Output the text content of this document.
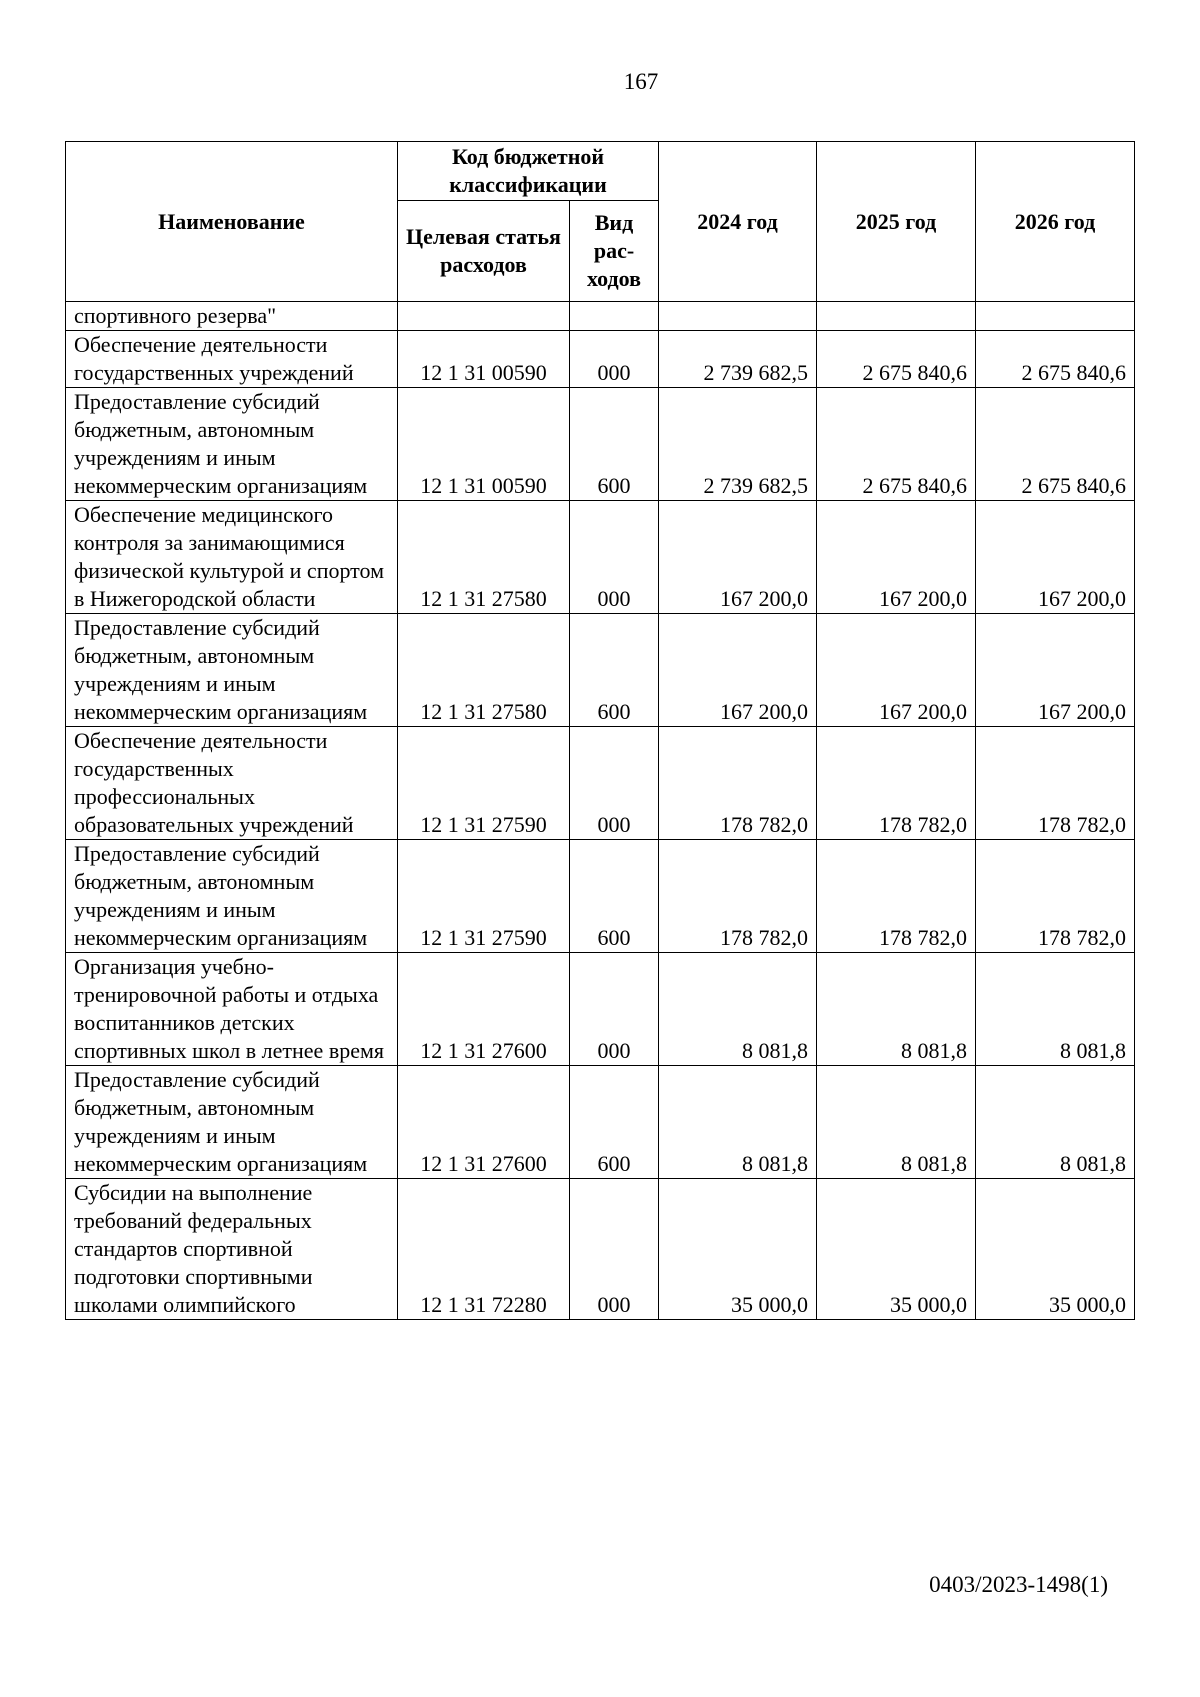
167
Наименование	Код бюджетной классификации		2024 год	2025 год	2026 год
	Целевая статья расходов	Вид рас-ходов			
спортивного резерва"					
Обеспечение деятельности государственных учреждений	12 1 31 00590	000	2 739 682,5	2 675 840,6	2 675 840,6
Предоставление субсидий бюджетным, автономным учреждениям и иным некоммерческим организациям	12 1 31 00590	600	2 739 682,5	2 675 840,6	2 675 840,6
Обеспечение медицинского контроля за занимающимися физической культурой и спортом в Нижегородской области	12 1 31 27580	000	167 200,0	167 200,0	167 200,0
Предоставление субсидий бюджетным, автономным учреждениям и иным некоммерческим организациям	12 1 31 27580	600	167 200,0	167 200,0	167 200,0
Обеспечение деятельности государственных профессиональных образовательных учреждений	12 1 31 27590	000	178 782,0	178 782,0	178 782,0
Предоставление субсидий бюджетным, автономным учреждениям и иным некоммерческим организациям	12 1 31 27590	600	178 782,0	178 782,0	178 782,0
Организация учебно-тренировочной работы и отдыха воспитанников детских спортивных школ в летнее время	12 1 31 27600	000	8 081,8	8 081,8	8 081,8
Предоставление субсидий бюджетным, автономным учреждениям и иным некоммерческим организациям	12 1 31 27600	600	8 081,8	8 081,8	8 081,8
Субсидии на выполнение требований федеральных стандартов спортивной подготовки спортивными школами олимпийского	12 1 31 72280	000	35 000,0	35 000,0	35 000,0
0403/2023-1498(1)
